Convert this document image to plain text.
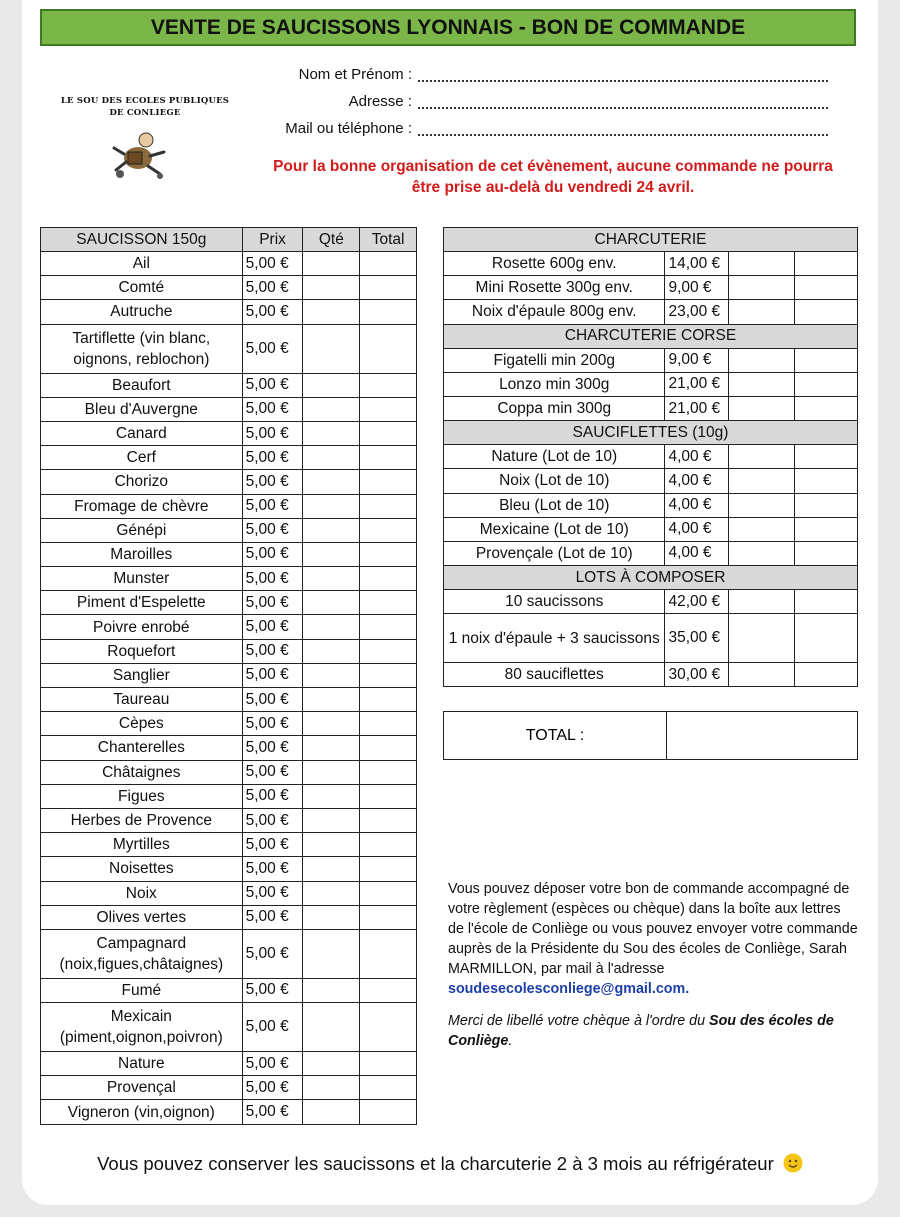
VENTE DE SAUCISSONS LYONNAIS - BON DE COMMANDE
LE SOU DES ECOLES PUBLIQUES
DE CONLIEGE
Nom et Prénom :
Adresse :
Mail ou téléphone :
Pour la bonne organisation de cet évènement, aucune commande ne pourra être prise au-delà du vendredi 24 avril.
SAUCISSON 150g	Prix	Qté	Total
Ail	5,00 €		
Comté	5,00 €		
Autruche	5,00 €		
Tartiflette (vin blanc, oignons, reblochon)	5,00 €		
Beaufort	5,00 €		
Bleu d'Auvergne	5,00 €		
Canard	5,00 €		
Cerf	5,00 €		
Chorizo	5,00 €		
Fromage de chèvre	5,00 €		
Génépi	5,00 €		
Maroilles	5,00 €		
Munster	5,00 €		
Piment d'Espelette	5,00 €		
Poivre enrobé	5,00 €		
Roquefort	5,00 €		
Sanglier	5,00 €		
Taureau	5,00 €		
Cèpes	5,00 €		
Chanterelles	5,00 €		
Châtaignes	5,00 €		
Figues	5,00 €		
Herbes de Provence	5,00 €		
Myrtilles	5,00 €		
Noisettes	5,00 €		
Noix	5,00 €		
Olives vertes	5,00 €		
Campagnard (noix,figues,châtaignes)	5,00 €		
Fumé	5,00 €		
Mexicain (piment,oignon,poivron)	5,00 €		
Nature	5,00 €		
Provençal	5,00 €		
Vigneron (vin,oignon)	5,00 €		
CHARCUTERIE			
Rosette 600g env.	14,00 €		
Mini Rosette 300g env.	9,00 €		
Noix d'épaule 800g env.	23,00 €		
CHARCUTERIE CORSE			
Figatelli min 200g	9,00 €		
Lonzo min 300g	21,00 €		
Coppa min 300g	21,00 €		
SAUCIFLETTES (10g)			
Nature (Lot de 10)	4,00 €		
Noix (Lot de 10)	4,00 €		
Bleu (Lot de 10)	4,00 €		
Mexicaine (Lot de 10)	4,00 €		
Provençale (Lot de 10)	4,00 €		
LOTS À COMPOSER			
10 saucissons	42,00 €		
1 noix d'épaule + 3 saucissons	35,00 €		
80 sauciflettes	30,00 €		
TOTAL :
Vous pouvez déposer votre bon de commande accompagné de votre règlement (espèces ou chèque) dans la boîte aux lettres de l'école de Conliège ou vous pouvez envoyer votre commande auprès de la Présidente du Sou des écoles de Conliège, Sarah MARMILLON, par mail à l'adresse soudesecolesconliege@gmail.com.
Merci de libellé votre chèque à l'ordre du Sou des écoles de Conliège.
Vous pouvez conserver les saucissons et la charcuterie 2 à 3 mois au réfrigérateur
